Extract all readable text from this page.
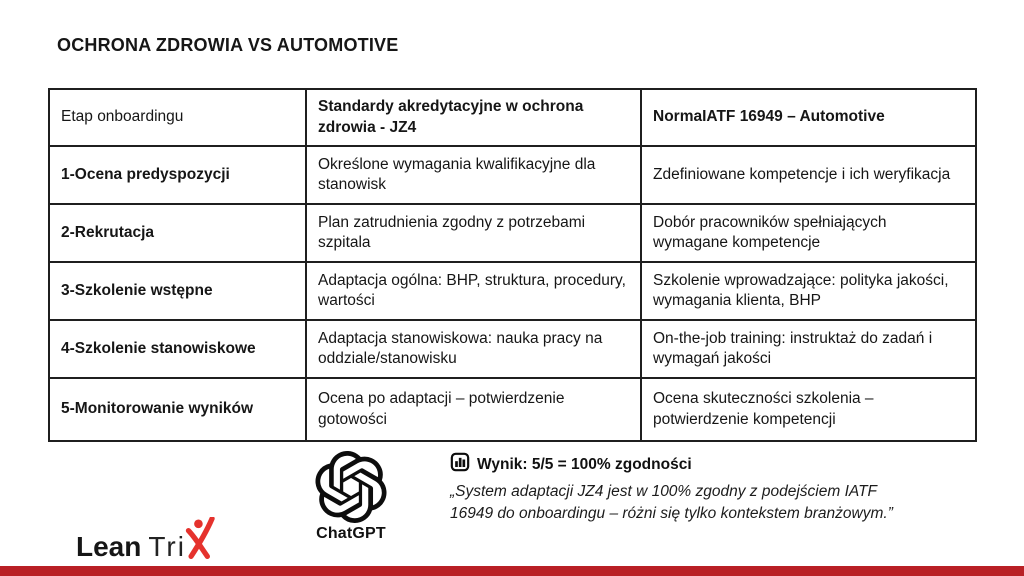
OCHRONA ZDROWIA VS AUTOMOTIVE
Etap onboardingu	Standardy akredytacyjne w ochrona zdrowia - JZ4	NormaIATF 16949 – Automotive
1-Ocena predyspozycji	Określone wymagania kwalifikacyjne dla stanowisk	Zdefiniowane kompetencje i ich weryfikacja
2-Rekrutacja	Plan zatrudnienia zgodny z potrzebami szpitala	Dobór pracowników spełniających wymagane kompetencje
3-Szkolenie wstępne	Adaptacja ogólna: BHP, struktura, procedury, wartości	Szkolenie wprowadzające: polityka jakości, wymagania klienta, BHP
4-Szkolenie stanowiskowe	Adaptacja stanowiskowa: nauka pracy na oddziale/stanowisku	On-the-job training: instruktaż do zadań i wymagań jakości
5-Monitorowanie wyników	Ocena po adaptacji – potwierdzenie gotowości	Ocena skuteczności szkolenia – potwierdzenie kompetencji
ChatGPT
Wynik: 5/5 = 100% zgodności
„System adaptacji JZ4 jest w 100% zgodny z podejściem IATF 16949 do onboardingu – różni się tylko kontekstem branżowym.”
Lean Tri
